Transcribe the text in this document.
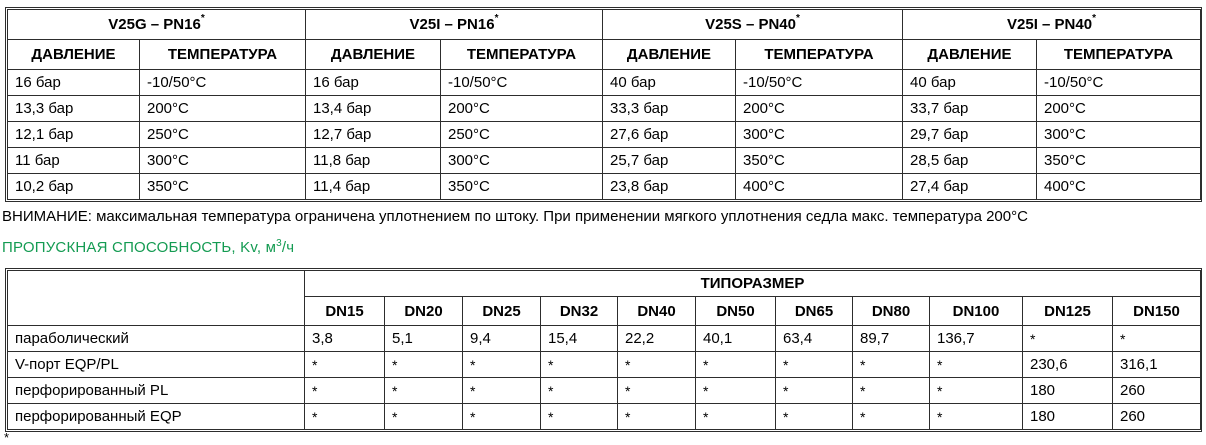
V25G – PN16*		V25I – PN16*		V25S – PN40*		V25I – PN40*
ДАВЛЕНИЕ	ТЕМПЕРАТУРА	ДАВЛЕНИЕ	ТЕМПЕРАТУРА	ДАВЛЕНИЕ	ТЕМПЕРАТУРА	ДАВЛЕНИЕ	ТЕМПЕРАТУРА
16 бар	-10/50°C	16 бар	-10/50°C	40 бар	-10/50°C	40 бар	-10/50°C
13,3 бар	200°C	13,4 бар	200°C	33,3 бар	200°C	33,7 бар	200°C
12,1 бар	250°C	12,7 бар	250°C	27,6 бар	300°C	29,7 бар	300°C
11 бар	300°C	11,8 бар	300°C	25,7 бар	350°C	28,5 бар	350°C
10,2 бар	350°C	11,4 бар	350°C	23,8 бар	400°C	27,4 бар	400°C

ВНИМАНИЕ: максимальная температура ограничена уплотнением по штоку. При применении мягкого уплотнения седла макс. температура 200°C

ПРОПУСКНАЯ СПОСОБНОСТЬ, Kv, $м^3/ч$
	ТИПОРАЗМЕР										
	DN15	DN20	DN25	DN32	DN40	DN50	DN65	DN80	DN100	DN125	DN150
параболический	3,8	5,1	9,4	15,4	22,2	40,1	63,4	89,7	136,7	*	*
V-порт EQP/PL	*	*	*	*	*	*	*	*	*	230,6	316,1
перфорированный PL	*	*	*	*	*	*	*	*	*	180	260
перфорированный EQP	*	*	*	*	*	*	*	*	*	180	260
*
